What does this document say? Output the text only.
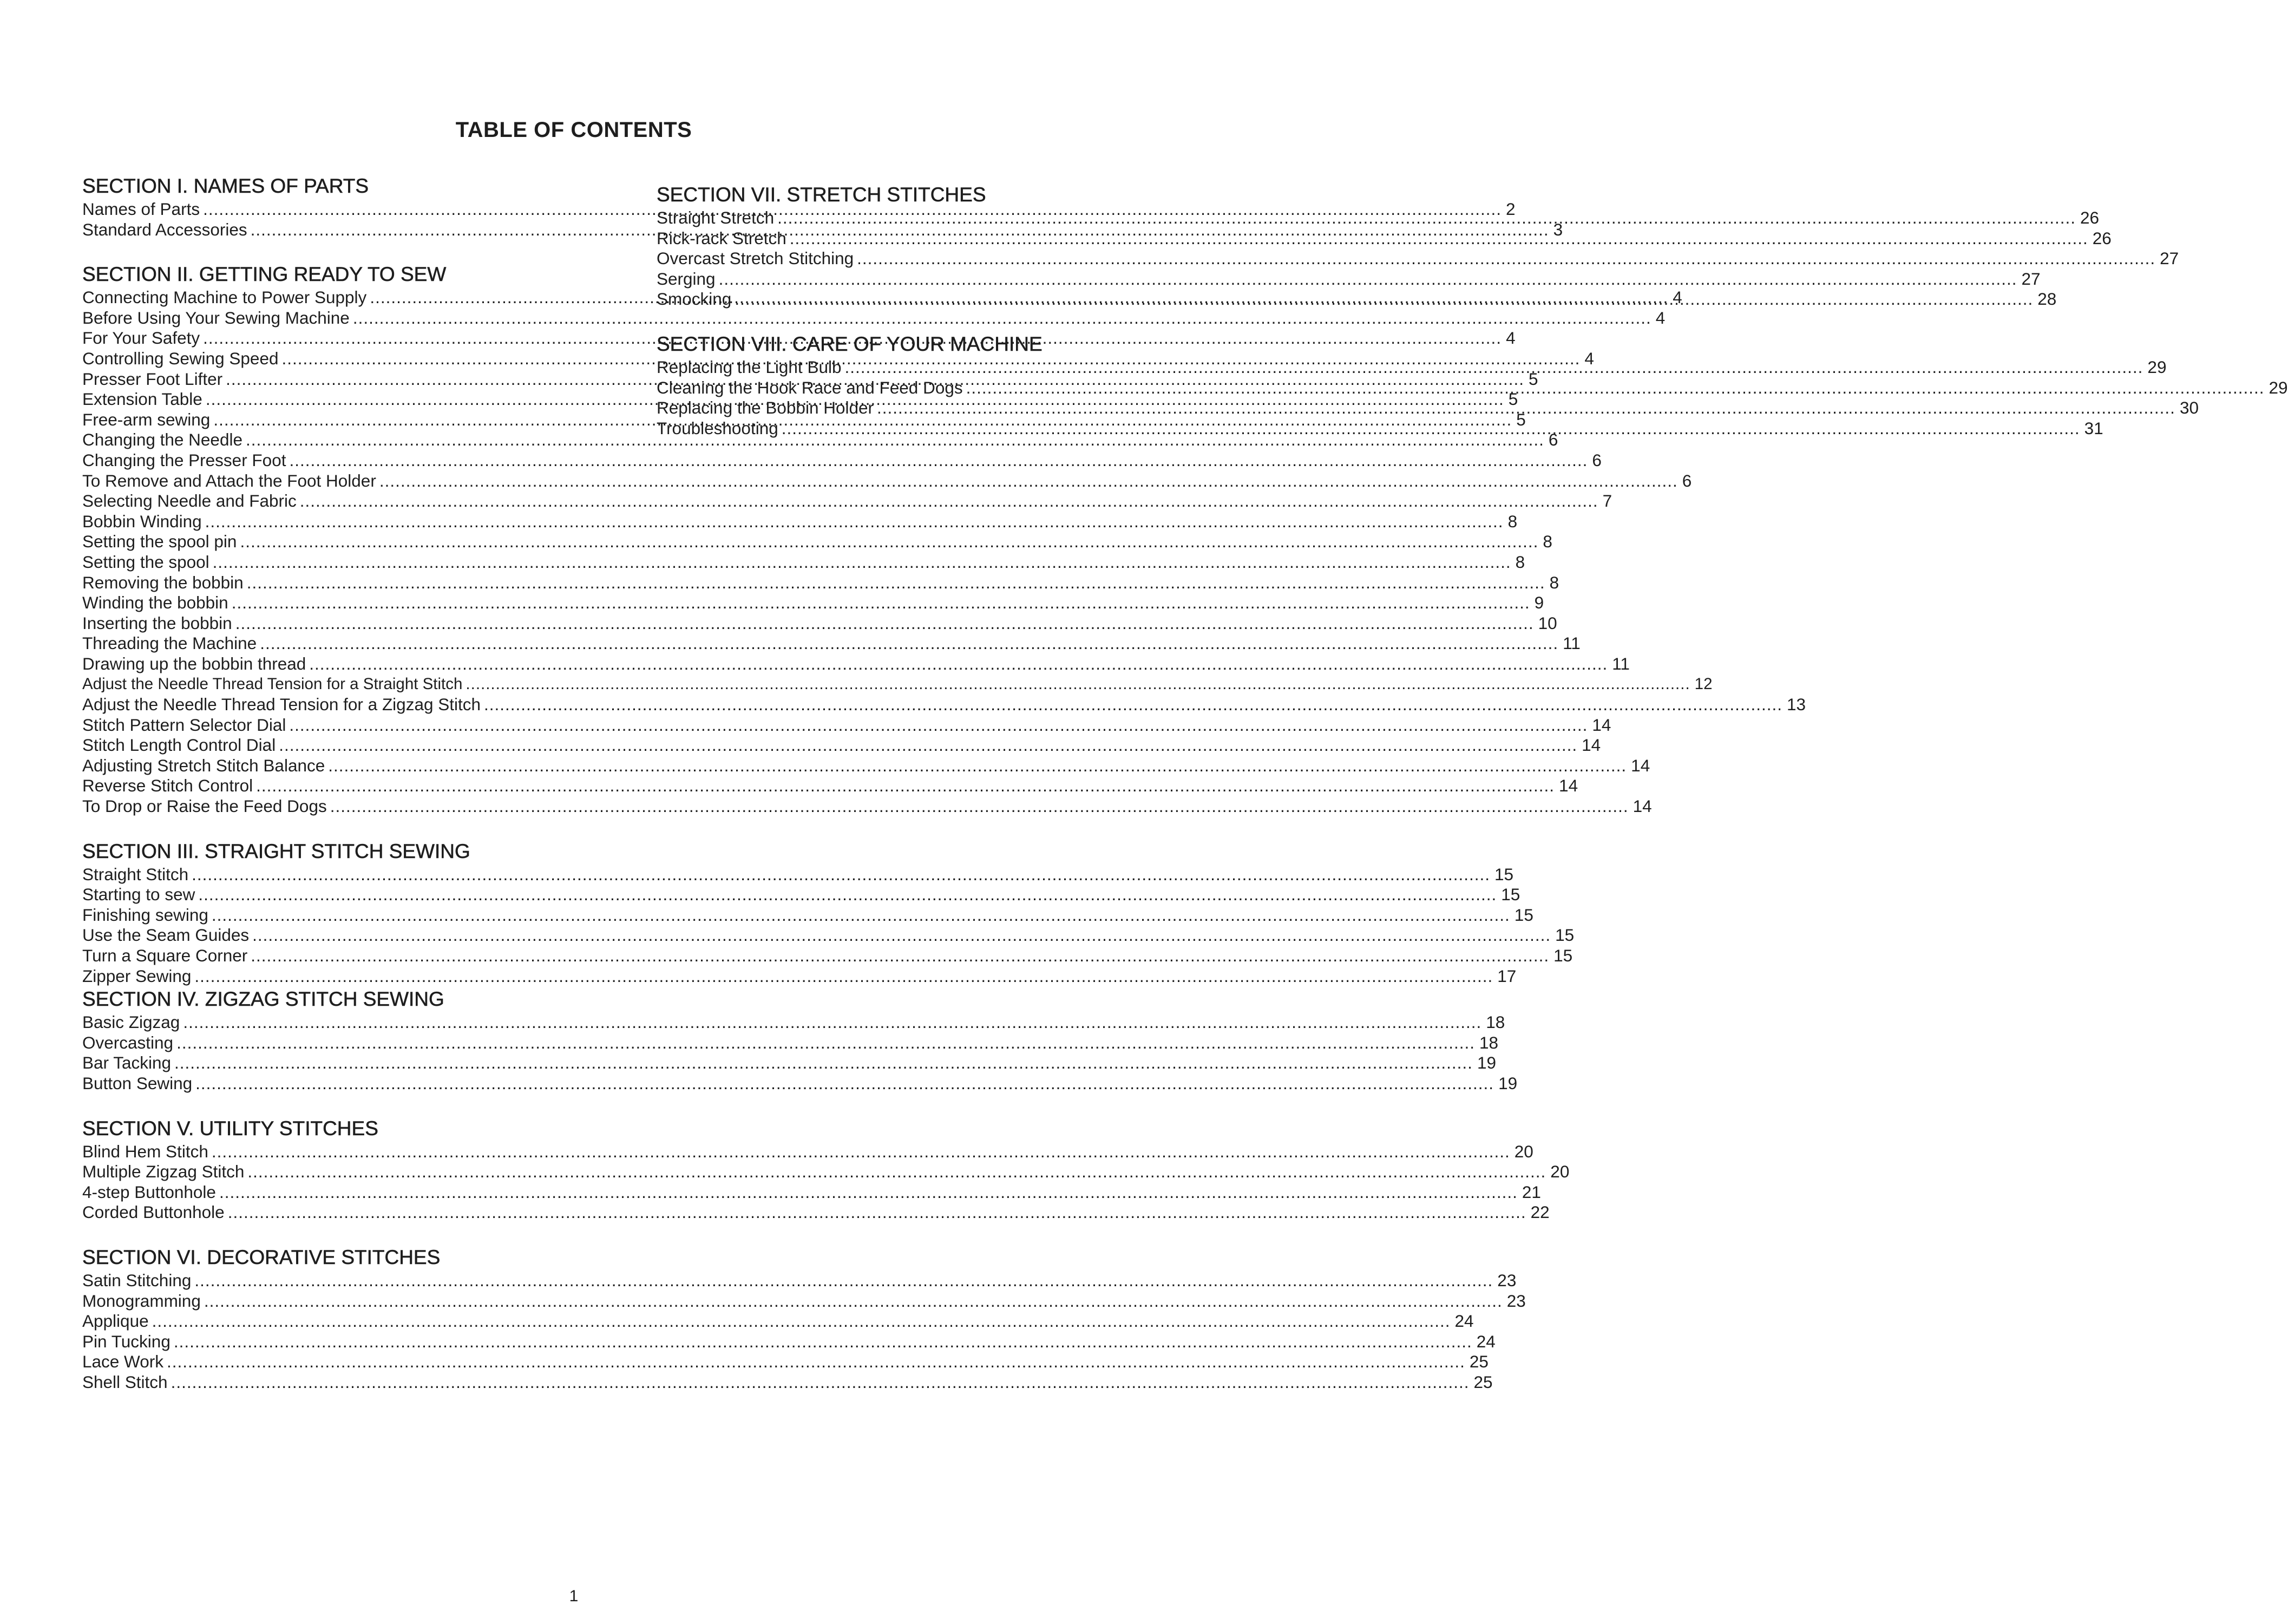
TABLE OF CONTENTS
SECTION I. NAMES OF PARTS
Names of Parts .....	2
Standard Accessories .....	3
SECTION II. GETTING READY TO SEW
Connecting Machine to Power Supply .....	4
Before Using Your Sewing Machine .....	4
For Your Safety .....	4
Controlling Sewing Speed .....	4
Presser Foot Lifter .....	5
Extension Table .....	5
Free-arm sewing .....	5
Changing the Needle .....	6
Changing the Presser Foot .....	6
To Remove and Attach the Foot Holder .....	6
Selecting Needle and Fabric .....	7
Bobbin Winding .....	8
Setting the spool pin .....	8
Setting the spool .....	8
Removing the bobbin .....	8
Winding the bobbin .....	9
Inserting the bobbin .....	10
Threading the Machine .....	11
Drawing up the bobbin thread .....	11
Adjust the Needle Thread Tension for a Straight Stitch .....	12
Adjust the Needle Thread Tension for a Zigzag Stitch .....	13
Stitch Pattern Selector Dial .....	14
Stitch Length Control Dial .....	14
Adjusting Stretch Stitch Balance .....	14
Reverse Stitch Control .....	14
To Drop or Raise the Feed Dogs .....	14
SECTION III. STRAIGHT STITCH SEWING
Straight Stitch .....	15
Starting to sew .....	15
Finishing sewing .....	15
Use the Seam Guides .....	15
Turn a Square Corner .....	15
Zipper Sewing .....	17
SECTION IV. ZIGZAG STITCH SEWING
Basic Zigzag .....	18
Overcasting .....	18
Bar Tacking .....	19
Button Sewing .....	19
SECTION V. UTILITY STITCHES
Blind Hem Stitch .....	20
Multiple Zigzag Stitch .....	20
4-step Buttonhole .....	21
Corded Buttonhole .....	22
SECTION VI. DECORATIVE STITCHES
Satin Stitching .....	23
Monogramming .....	23
Applique .....	24
Pin Tucking .....	24
Lace Work .....	25
Shell Stitch .....	25
SECTION VII. STRETCH STITCHES
Straight Stretch .....	26
Rick-rack Stretch .....	26
Overcast Stretch Stitching .....	27
Serging .....	27
Smocking .....	28
SECTION VIII. CARE OF YOUR MACHINE
Replacing the Light Bulb .....	29
Cleaning the Hook Race and Feed Dogs .....	29
Replacing the Bobbin Holder .....	30
Troubleshooting .....	31
1
